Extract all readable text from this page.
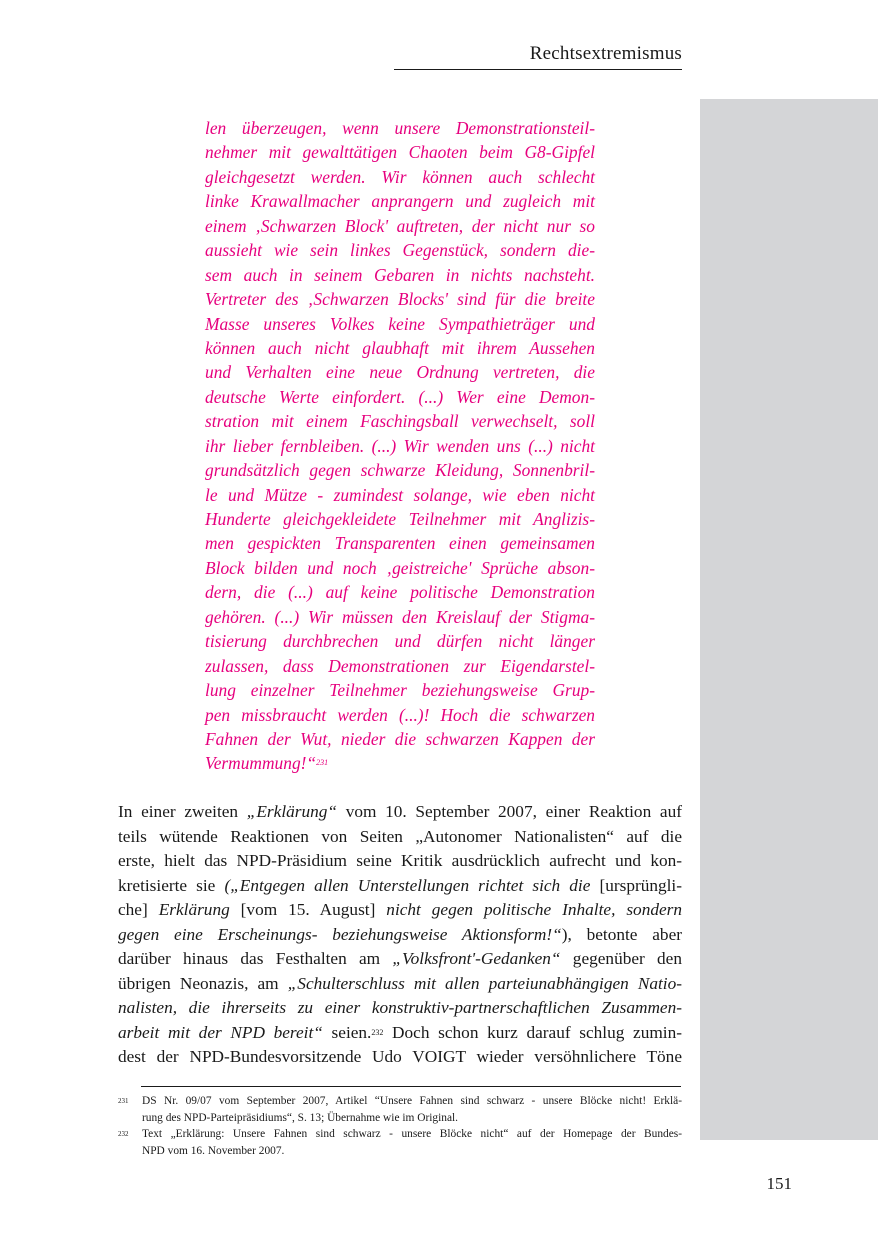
Rechtsextremismus
len überzeugen, wenn unsere Demonstrationsteil-
nehmer mit gewalttätigen Chaoten beim G8-Gipfel
gleichgesetzt werden. Wir können auch schlecht
linke Krawallmacher anprangern und zugleich mit
einem ‚Schwarzen Block' auftreten, der nicht nur so
aussieht wie sein linkes Gegenstück, sondern die-
sem auch in seinem Gebaren in nichts nachsteht.
Vertreter des ‚Schwarzen Blocks' sind für die breite
Masse unseres Volkes keine Sympathieträger und
können auch nicht glaubhaft mit ihrem Aussehen
und Verhalten eine neue Ordnung vertreten, die
deutsche Werte einfordert. (...) Wer eine Demon-
stration mit einem Faschingsball verwechselt, soll
ihr lieber fernbleiben. (...) Wir wenden uns (...) nicht
grundsätzlich gegen schwarze Kleidung, Sonnenbril-
le und Mütze - zumindest solange, wie eben nicht
Hunderte gleichgekleidete Teilnehmer mit Anglizis-
men gespickten Transparenten einen gemeinsamen
Block bilden und noch ‚geistreiche' Sprüche abson-
dern, die (...) auf keine politische Demonstration
gehören. (...) Wir müssen den Kreislauf der Stigma-
tisierung durchbrechen und dürfen nicht länger
zulassen, dass Demonstrationen zur Eigendarstel-
lung einzelner Teilnehmer beziehungsweise Grup-
pen missbraucht werden (...)! Hoch die schwarzen
Fahnen der Wut, nieder die schwarzen Kappen der
Vermummung!“$^{231}$
In einer zweiten „Erklärung“ vom 10. September 2007, einer Reaktion auf
teils wütende Reaktionen von Seiten „Autonomer Nationalisten“ auf die
erste, hielt das NPD-Präsidium seine Kritik ausdrücklich aufrecht und kon-
kretisierte sie („Entgegen allen Unterstellungen richtet sich die [ursprüngli-
che] Erklärung [vom 15. August] nicht gegen politische Inhalte, sondern
gegen eine Erscheinungs- beziehungsweise Aktionsform!“), betonte aber
darüber hinaus das Festhalten am „Volksfront'-Gedanken“ gegenüber den
übrigen Neonazis, am „Schulterschluss mit allen parteiunabhängigen Natio-
nalisten, die ihrerseits zu einer konstruktiv-partnerschaftlichen Zusammen-
arbeit mit der NPD bereit“ seien.$^{232}$ Doch schon kurz darauf schlug zumin-
dest der NPD-Bundesvorsitzende Udo VOIGT wieder versöhnlichere Töne
231 DS Nr. 09/07 vom September 2007, Artikel “Unsere Fahnen sind schwarz - unsere Blöcke nicht! Erklä-
rung des NPD-Parteipräsidiums“, S. 13; Übernahme wie im Original.
232 Text „Erklärung: Unsere Fahnen sind schwarz - unsere Blöcke nicht“ auf der Homepage der Bundes-
NPD vom 16. November 2007.
151
